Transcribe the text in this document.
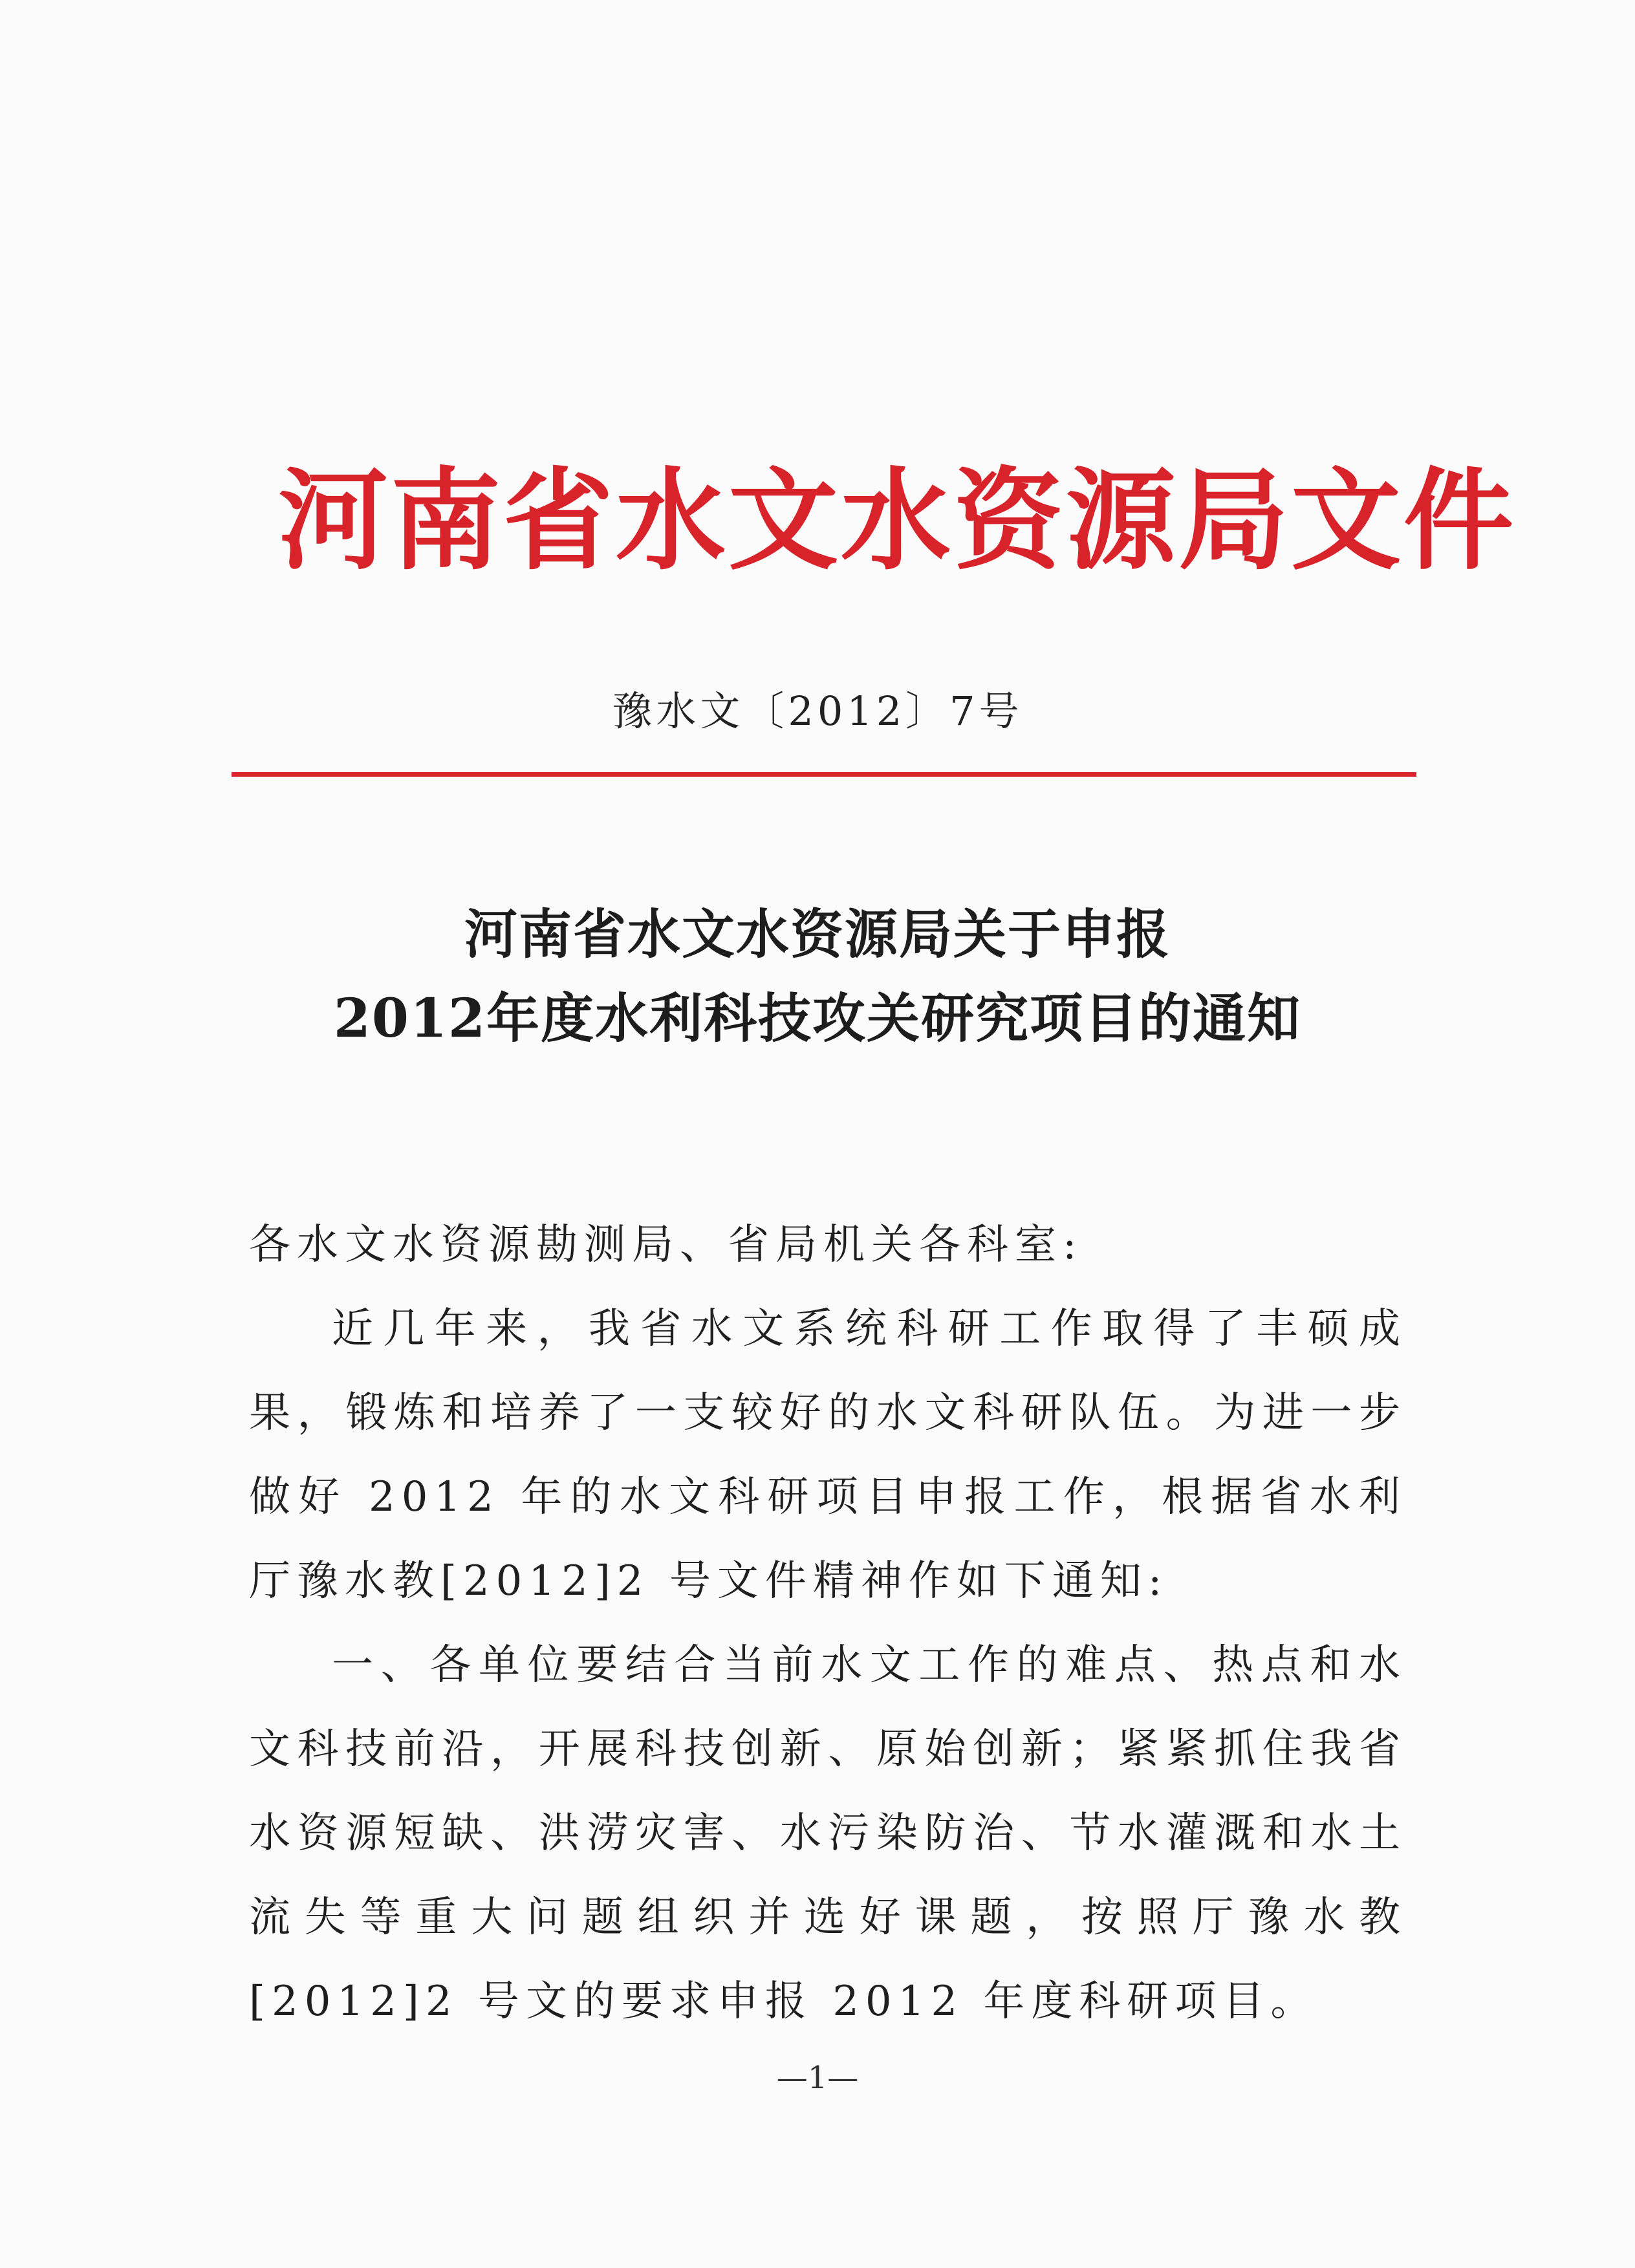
河南省水文水资源局文件
豫水文〔2012〕7号
河南省水文水资源局关于申报
2012年度水利科技攻关研究项目的通知

各水文水资源勘测局、省局机关各科室:

近几年来，我省水文系统科研工作取得了丰硕成果，锻炼和培养了一支较好的水文科研队伍。为进一步做好 2012 年的水文科研项目申报工作，根据省水利厅豫水教[2012]2 号文件精神作如下通知:

一、各单位要结合当前水文工作的难点、热点和水文科技前沿，开展科技创新、原始创新；紧紧抓住我省水资源短缺、洪涝灾害、水污染防治、节水灌溉和水土流失等重大问题组织并选好课题，按照厅豫水教[2012]2 号文的要求申报 2012 年度科研项目。

—1—
